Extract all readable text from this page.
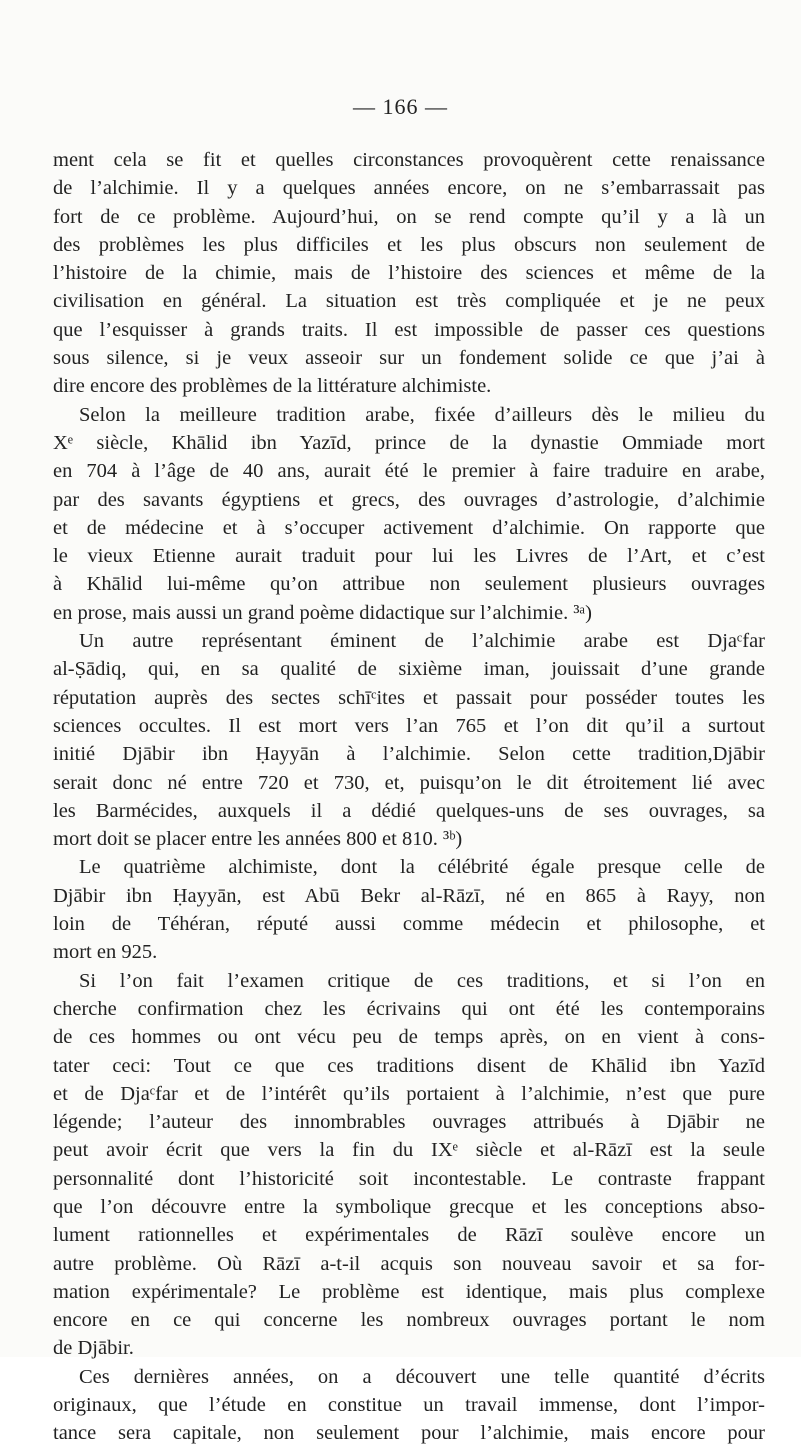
— 166 —
ment cela se fit et quelles circonstances provoquèrent cette renaissance
de l’alchimie. Il y a quelques années encore, on ne s’embarrassait pas
fort de ce problème. Aujourd’hui, on se rend compte qu’il y a là un
des problèmes les plus difficiles et les plus obscurs non seulement de
l’histoire de la chimie, mais de l’histoire des sciences et même de la
civilisation en général. La situation est très compliquée et je ne peux
que l’esquisser à grands traits. Il est impossible de passer ces questions
sous silence, si je veux asseoir sur un fondement solide ce que j’ai à
dire encore des problèmes de la littérature alchimiste.
Selon la meilleure tradition arabe, fixée d’ailleurs dès le milieu du
Xᵉ siècle, Khālid ibn Yazīd, prince de la dynastie Ommiade mort
en 704 à l’âge de 40 ans, aurait été le premier à faire traduire en arabe,
par des savants égyptiens et grecs, des ouvrages d’astrologie, d’alchimie
et de médecine et à s’occuper activement d’alchimie. On rapporte que
le vieux Etienne aurait traduit pour lui les Livres de l’Art, et c’est
à Khālid lui-même qu’on attribue non seulement plusieurs ouvrages
en prose, mais aussi un grand poème didactique sur l’alchimie. ³ᵃ)
Un autre représentant éminent de l’alchimie arabe est Djaᶜfar
al-Ṣādiq, qui, en sa qualité de sixième iman, jouissait d’une grande
réputation auprès des sectes schīᶜites et passait pour posséder toutes les
sciences occultes. Il est mort vers l’an 765 et l’on dit qu’il a surtout
initié Djābir ibn Ḥayyān à l’alchimie. Selon cette tradition,Djābir
serait donc né entre 720 et 730, et, puisqu’on le dit étroitement lié avec
les Barmécides, auxquels il a dédié quelques-uns de ses ouvrages, sa
mort doit se placer entre les années 800 et 810. ³ᵇ)
Le quatrième alchimiste, dont la célébrité égale presque celle de
Djābir ibn Ḥayyān, est Abū Bekr al-Rāzī, né en 865 à Rayy, non
loin de Téhéran, réputé aussi comme médecin et philosophe, et
mort en 925.
Si l’on fait l’examen critique de ces traditions, et si l’on en
cherche confirmation chez les écrivains qui ont été les contemporains
de ces hommes ou ont vécu peu de temps après, on en vient à cons-
tater ceci: Tout ce que ces traditions disent de Khālid ibn Yazīd
et de Djaᶜfar et de l’intérêt qu’ils portaient à l’alchimie, n’est que pure
légende; l’auteur des innombrables ouvrages attribués à Djābir ne
peut avoir écrit que vers la fin du IXᵉ siècle et al-Rāzī est la seule
personnalité dont l’historicité soit incontestable. Le contraste frappant
que l’on découvre entre la symbolique grecque et les conceptions abso-
lument rationnelles et expérimentales de Rāzī soulève encore un
autre problème. Où Rāzī a-t-il acquis son nouveau savoir et sa for-
mation expérimentale? Le problème est identique, mais plus complexe
encore en ce qui concerne les nombreux ouvrages portant le nom
de Djābir.
Ces dernières années, on a découvert une telle quantité d’écrits
originaux, que l’étude en constitue un travail immense, dont l’impor-
tance sera capitale, non seulement pour l’alchimie, mais encore pour
